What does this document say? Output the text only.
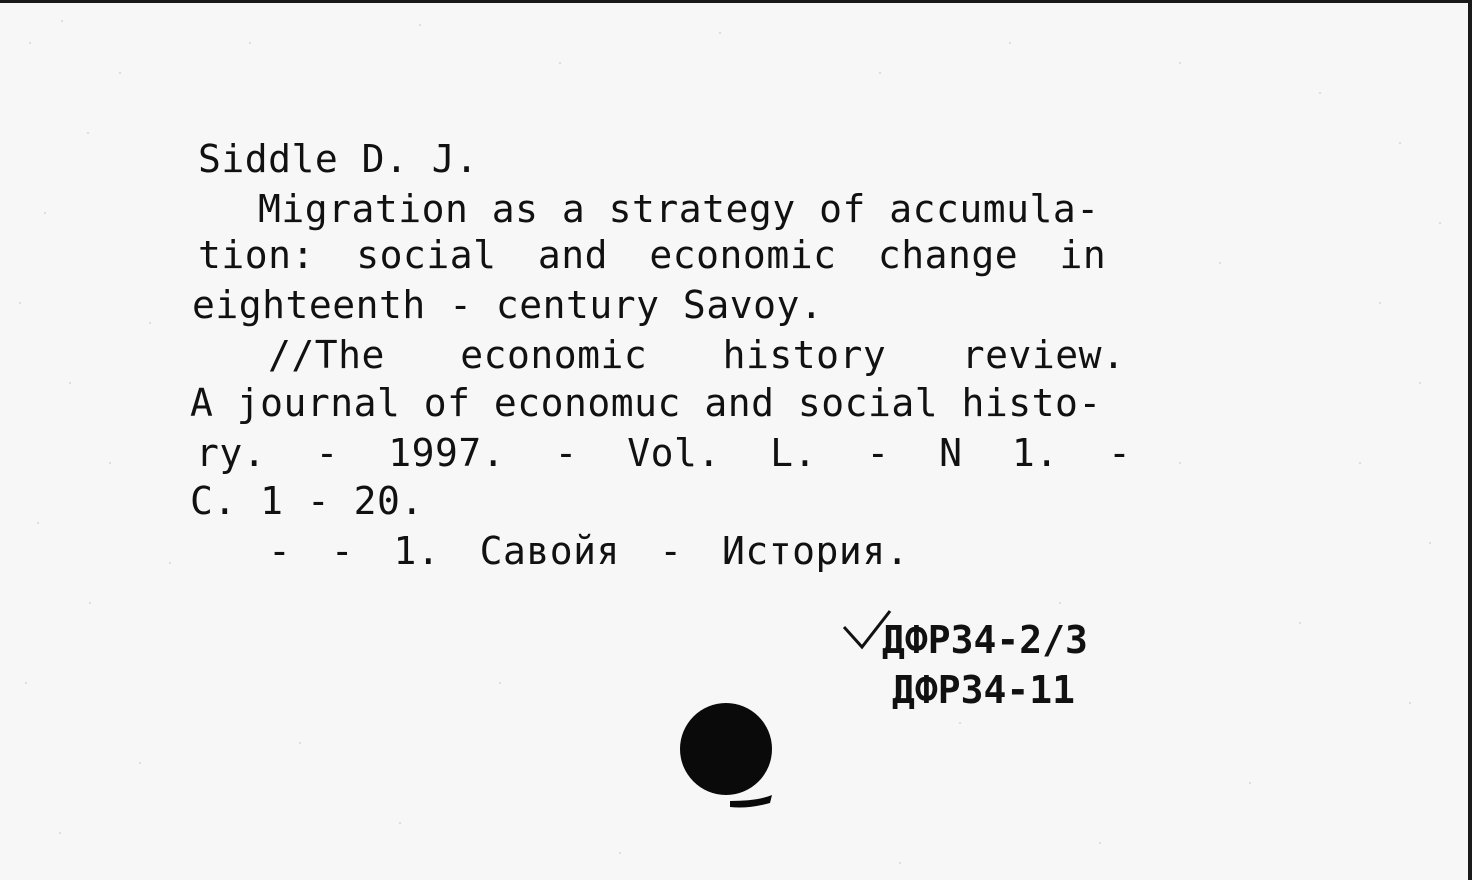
Siddle D. J.
Migration as a strategy of accumula-
tion: social and economic change in
eighteenth - century Savoy.
//The economic history review.
A journal of economuc and social histo-
ry. - 1997. - Vol. L. - N 1. -
C. 1 - 20.
- - 1. Савойя - История.
ДФР34-2/3
ДФР34-11
